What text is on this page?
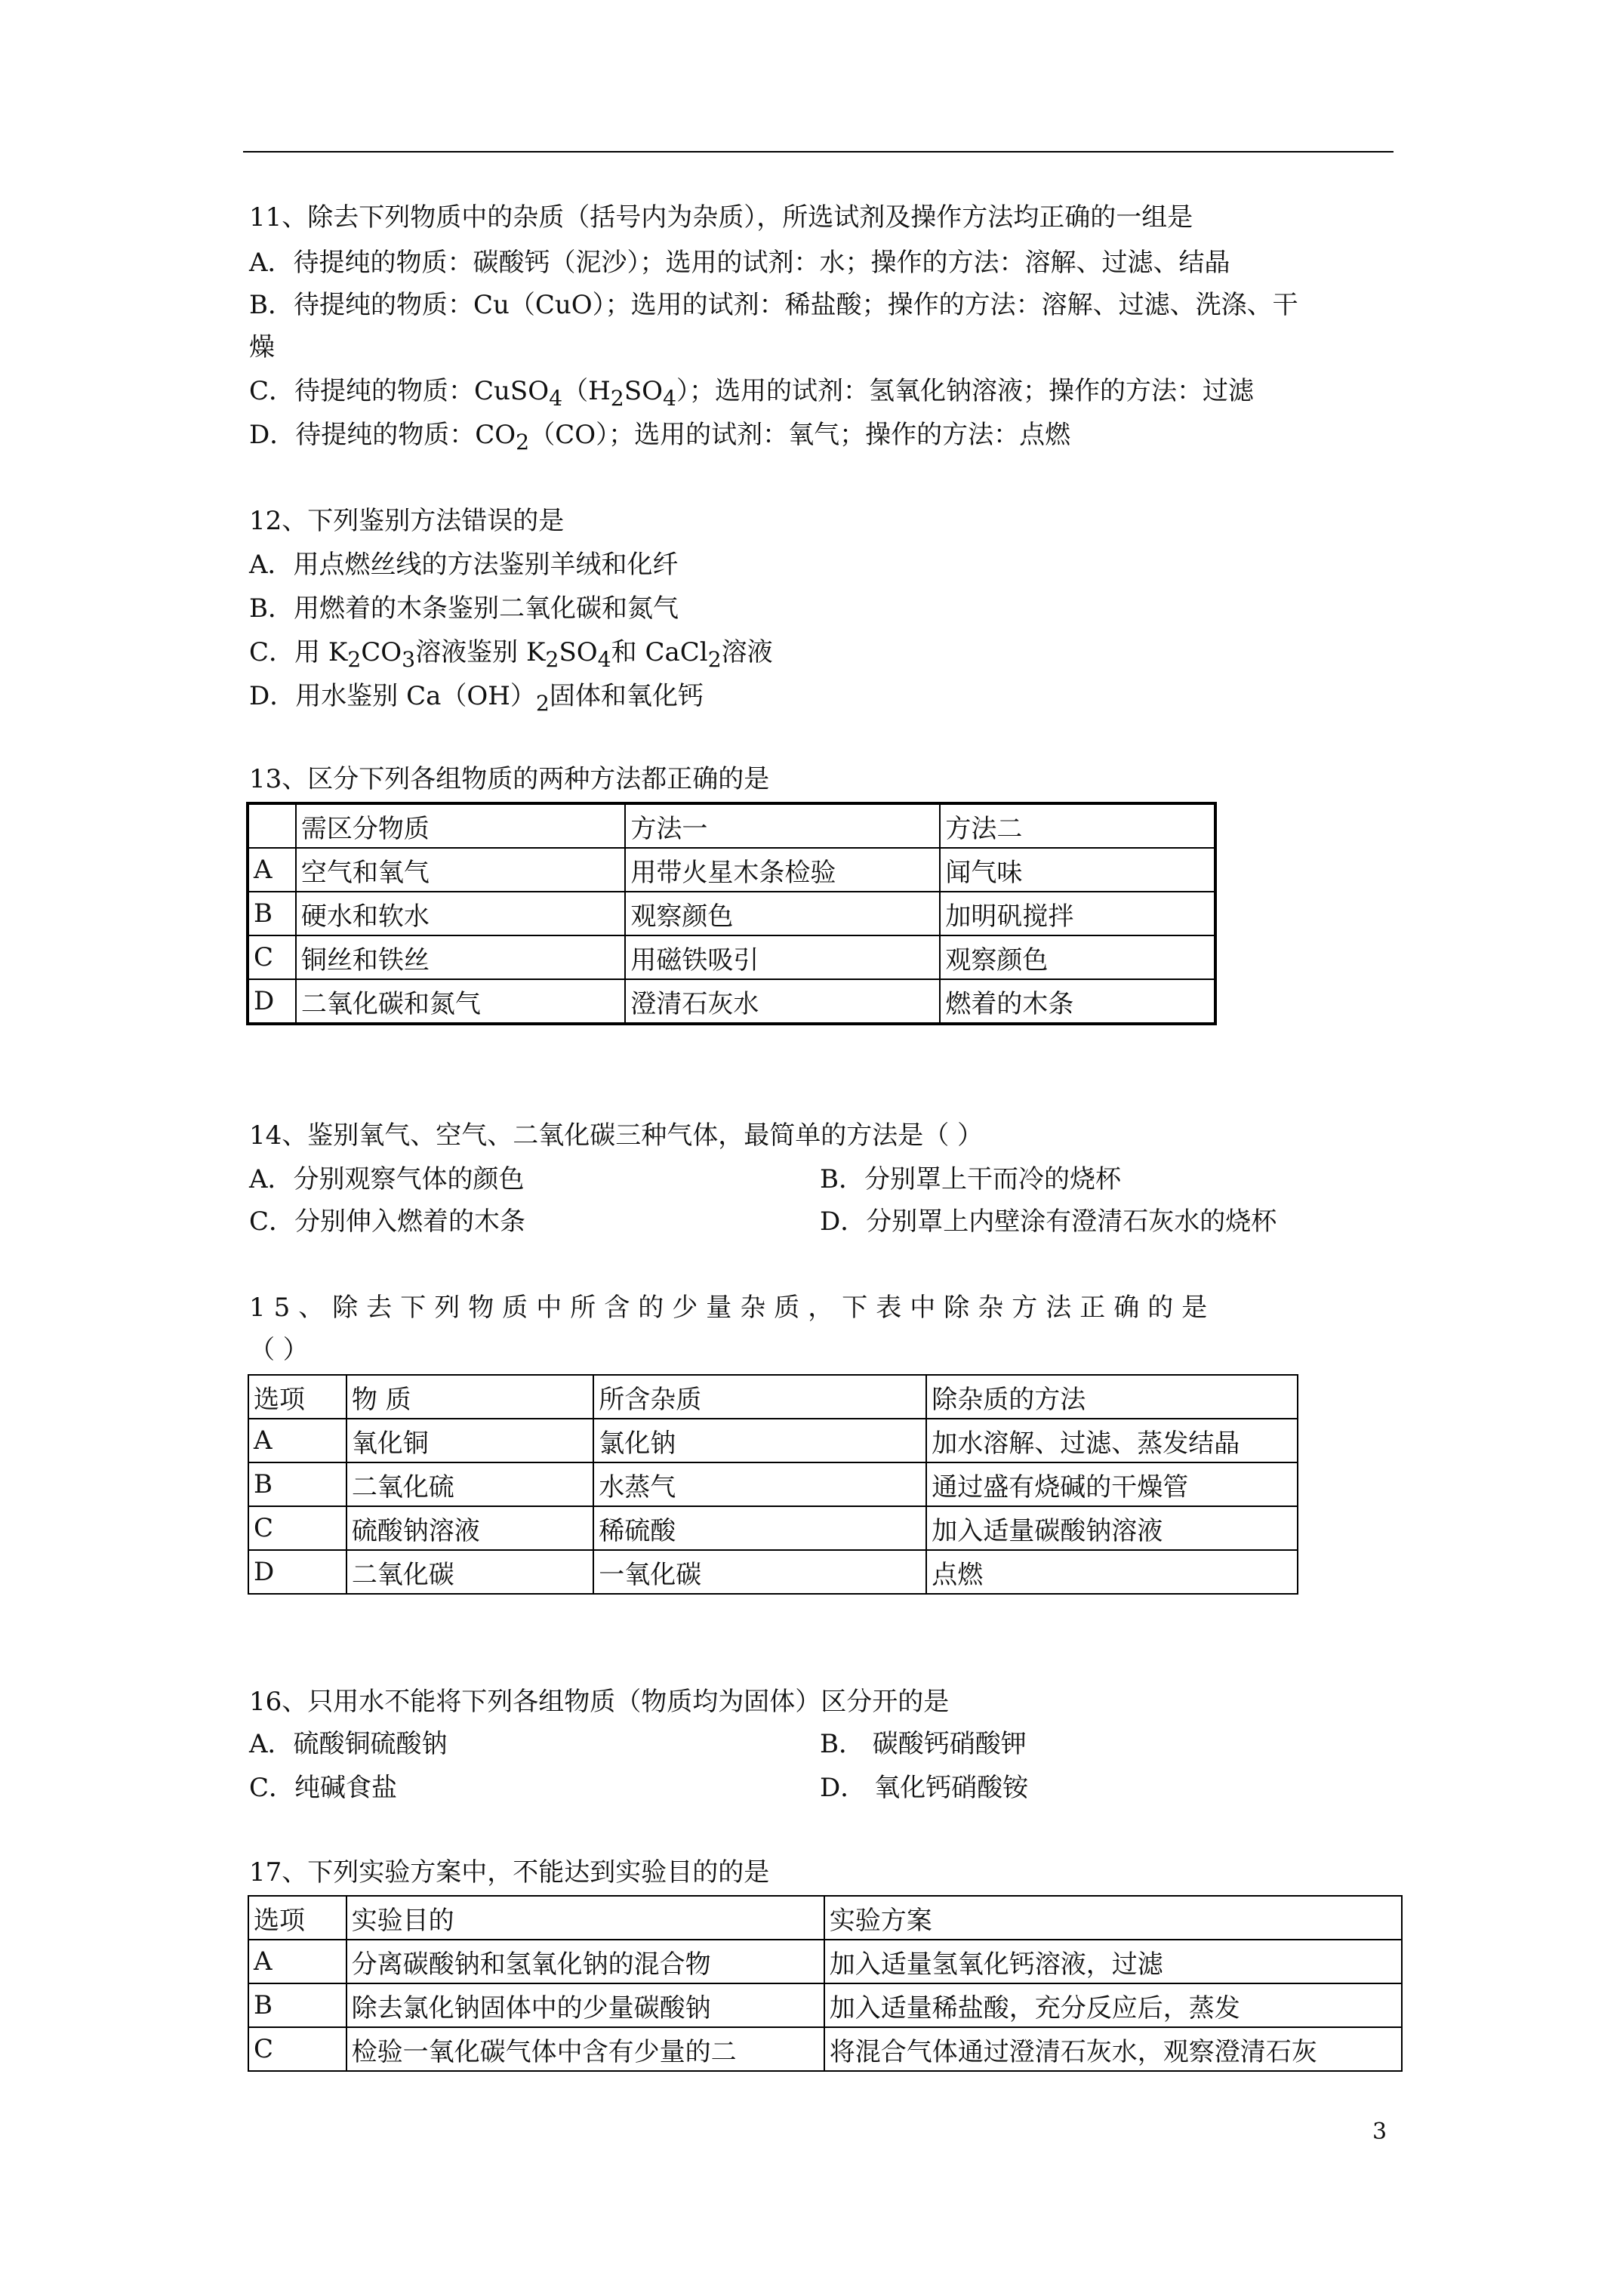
11、除去下列物质中的杂质（括号内为杂质），所选试剂及操作方法均正确的一组是
A．待提纯的物质：碳酸钙（泥沙）；选用的试剂：水；操作的方法：溶解、过滤、结晶
B．待提纯的物质：Cu（CuO）；选用的试剂：稀盐酸；操作的方法：溶解、过滤、洗涤、干
燥
C．待提纯的物质：$CuSO_4(H_2SO_4)$；选用的试剂：氢氧化钠溶液；操作的方法：过滤
D．待提纯的物质：$CO_2(CO)$；选用的试剂：氧气；操作的方法：点燃
12、下列鉴别方法错误的是
A．用点燃丝线的方法鉴别羊绒和化纤
B．用燃着的木条鉴别二氧化碳和氮气
C．用 $K_2CO_3$溶液鉴别 $K_2SO_4$和 CaCl$_2$溶液
D．用水鉴别 $Ca(OH)_2$固体和氧化钙
13、区分下列各组物质的两种方法都正确的是
	需区分物质	方法一	方法二
A	空气和氧气	用带火星木条检验	闻气味
B	硬水和软水	观察颜色	加明矾搅拌
C	铜丝和铁丝	用磁铁吸引	观察颜色
D	二氧化碳和氮气	澄清石灰水	燃着的木条
14、鉴别氧气、空气、二氧化碳三种气体，最简单的方法是（ ）
A．分别观察气体的颜色	B．分别罩上干而冷的烧杯
C．分别伸入燃着的木条	D．分别罩上内壁涂有澄清石灰水的烧杯
15、除去下列物质中所含的少量杂质，下表中除杂方法正确的是
（ ）
选项	物 质	所含杂质	除杂质的方法
A	氧化铜	氯化钠	加水溶解、过滤、蒸发结晶
B	二氧化硫	水蒸气	通过盛有烧碱的干燥管
C	硫酸钠溶液	稀硫酸	加入适量碳酸钠溶液
D	二氧化碳	一氧化碳	点燃
16、只用水不能将下列各组物质（物质均为固体）区分开的是
A．硫酸铜硫酸钠	B． 碳酸钙硝酸钾
C．纯碱食盐	D． 氧化钙硝酸铵
17、下列实验方案中，不能达到实验目的的是
选项	实验目的	实验方案
A	分离碳酸钠和氢氧化钠的混合物	加入适量氢氧化钙溶液，过滤
B	除去氯化钠固体中的少量碳酸钠	加入适量稀盐酸，充分反应后，蒸发
C	检验一氧化碳气体中含有少量的二	将混合气体通过澄清石灰水，观察澄清石灰
3
